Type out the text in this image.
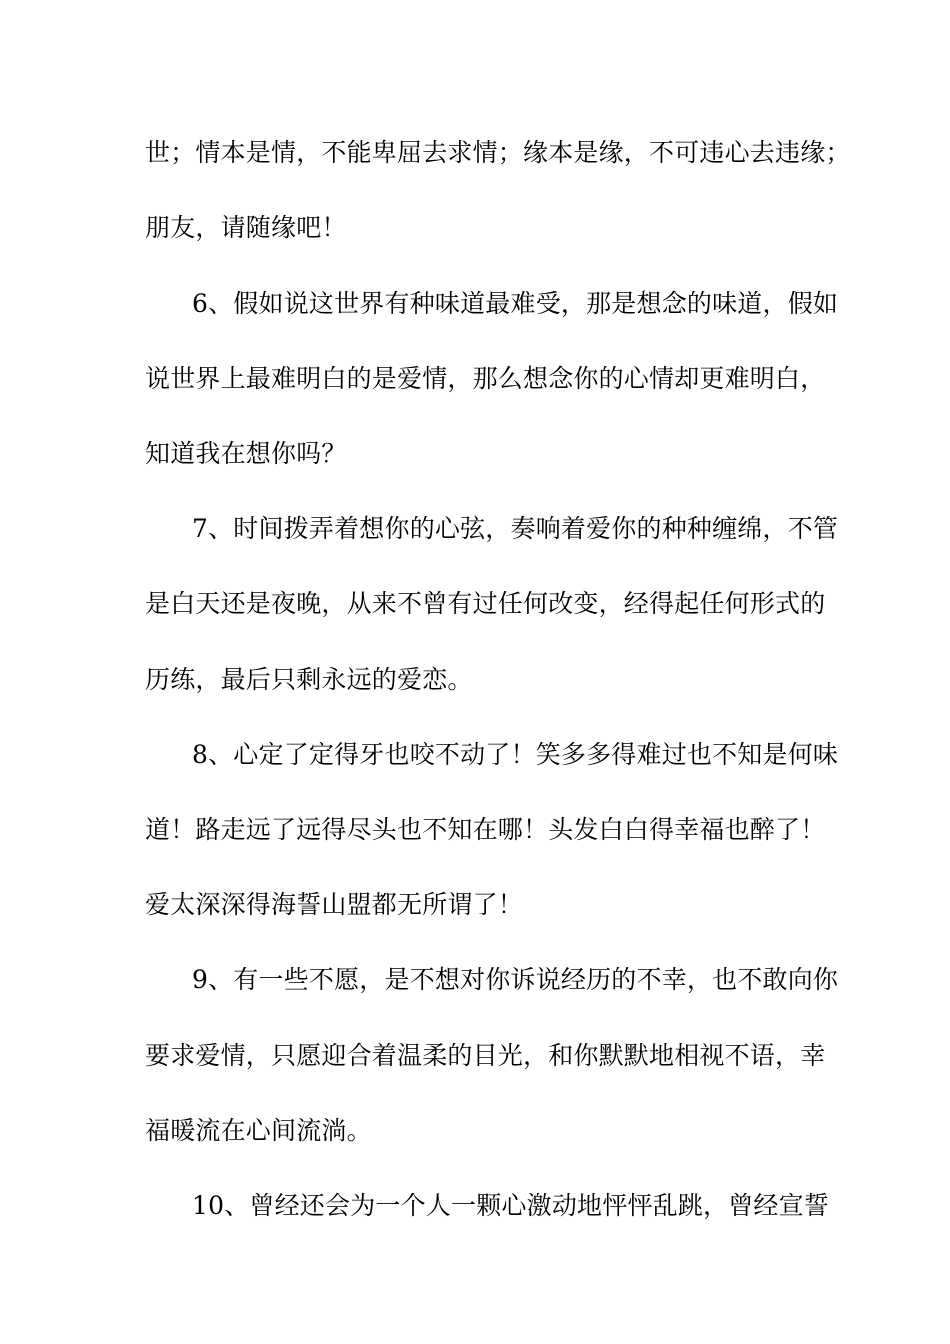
世；情本是情，不能卑屈去求情；缘本是缘，不可违心去违缘；
朋友，请随缘吧！
6、假如说这世界有种味道最难受，那是想念的味道，假如
说世界上最难明白的是爱情，那么想念你的心情却更难明白，
知道我在想你吗？
7、时间拨弄着想你的心弦，奏响着爱你的种种缠绵，不管
是白天还是夜晚，从来不曾有过任何改变，经得起任何形式的
历练，最后只剩永远的爱恋。
8、心定了定得牙也咬不动了！笑多多得难过也不知是何味
道！路走远了远得尽头也不知在哪！头发白白得幸福也醉了！
爱太深深得海誓山盟都无所谓了！
9、有一些不愿，是不想对你诉说经历的不幸，也不敢向你
要求爱情，只愿迎合着温柔的目光，和你默默地相视不语，幸
福暖流在心间流淌。
10、曾经还会为一个人一颗心激动地怦怦乱跳，曾经宣誓
